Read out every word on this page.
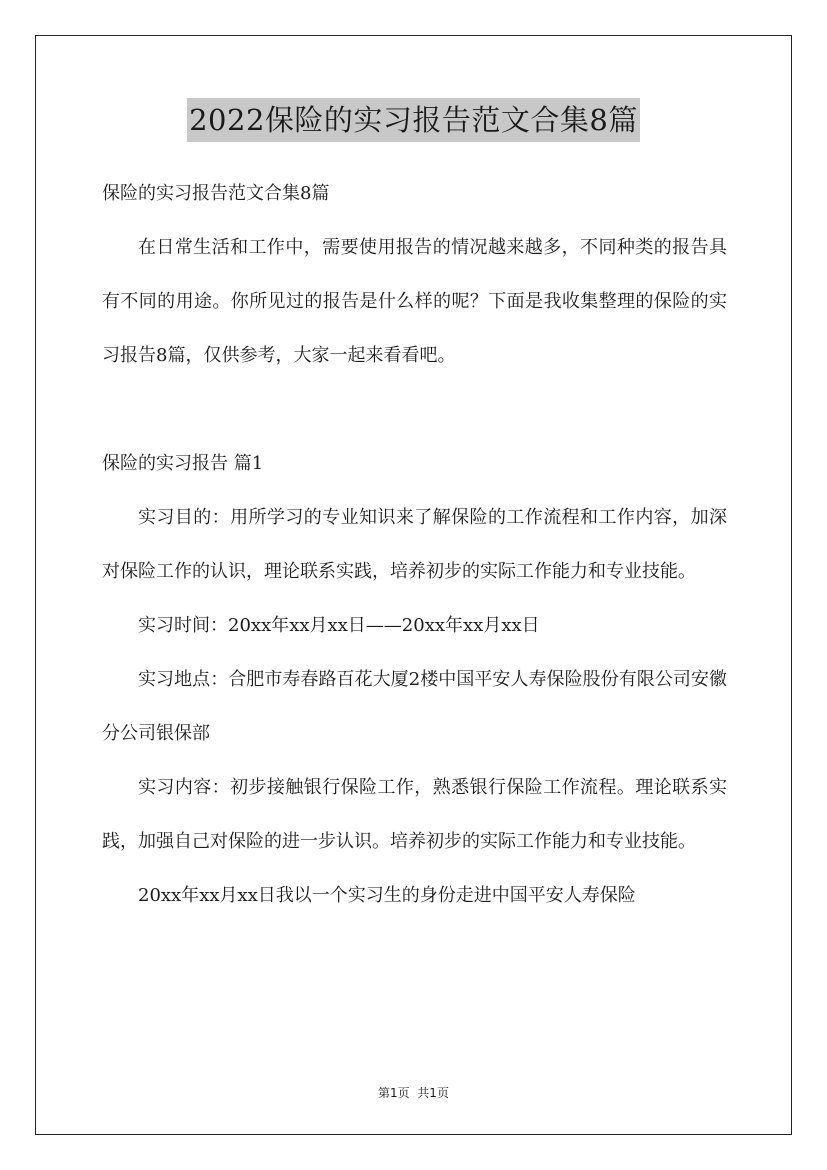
2022保险的实习报告范文合集8篇

保险的实习报告范文合集8篇

在日常生活和工作中，需要使用报告的情况越来越多，不同种类的报告具有不同的用途。你所见过的报告是什么样的呢？下面是我收集整理的保险的实习报告8篇，仅供参考，大家一起来看看吧。

保险的实习报告 篇1

实习目的：用所学习的专业知识来了解保险的工作流程和工作内容，加深对保险工作的认识，理论联系实践，培养初步的实际工作能力和专业技能。

实习时间：20xx年xx月xx日——20xx年xx月xx日

实习地点：合肥市寿春路百花大厦2楼中国平安人寿保险股份有限公司安徽分公司银保部

实习内容：初步接触银行保险工作，熟悉银行保险工作流程。理论联系实践，加强自己对保险的进一步认识。培养初步的实际工作能力和专业技能。

20xx年xx月xx日我以一个实习生的身份走进中国平安人寿保险

第1页  共1页
